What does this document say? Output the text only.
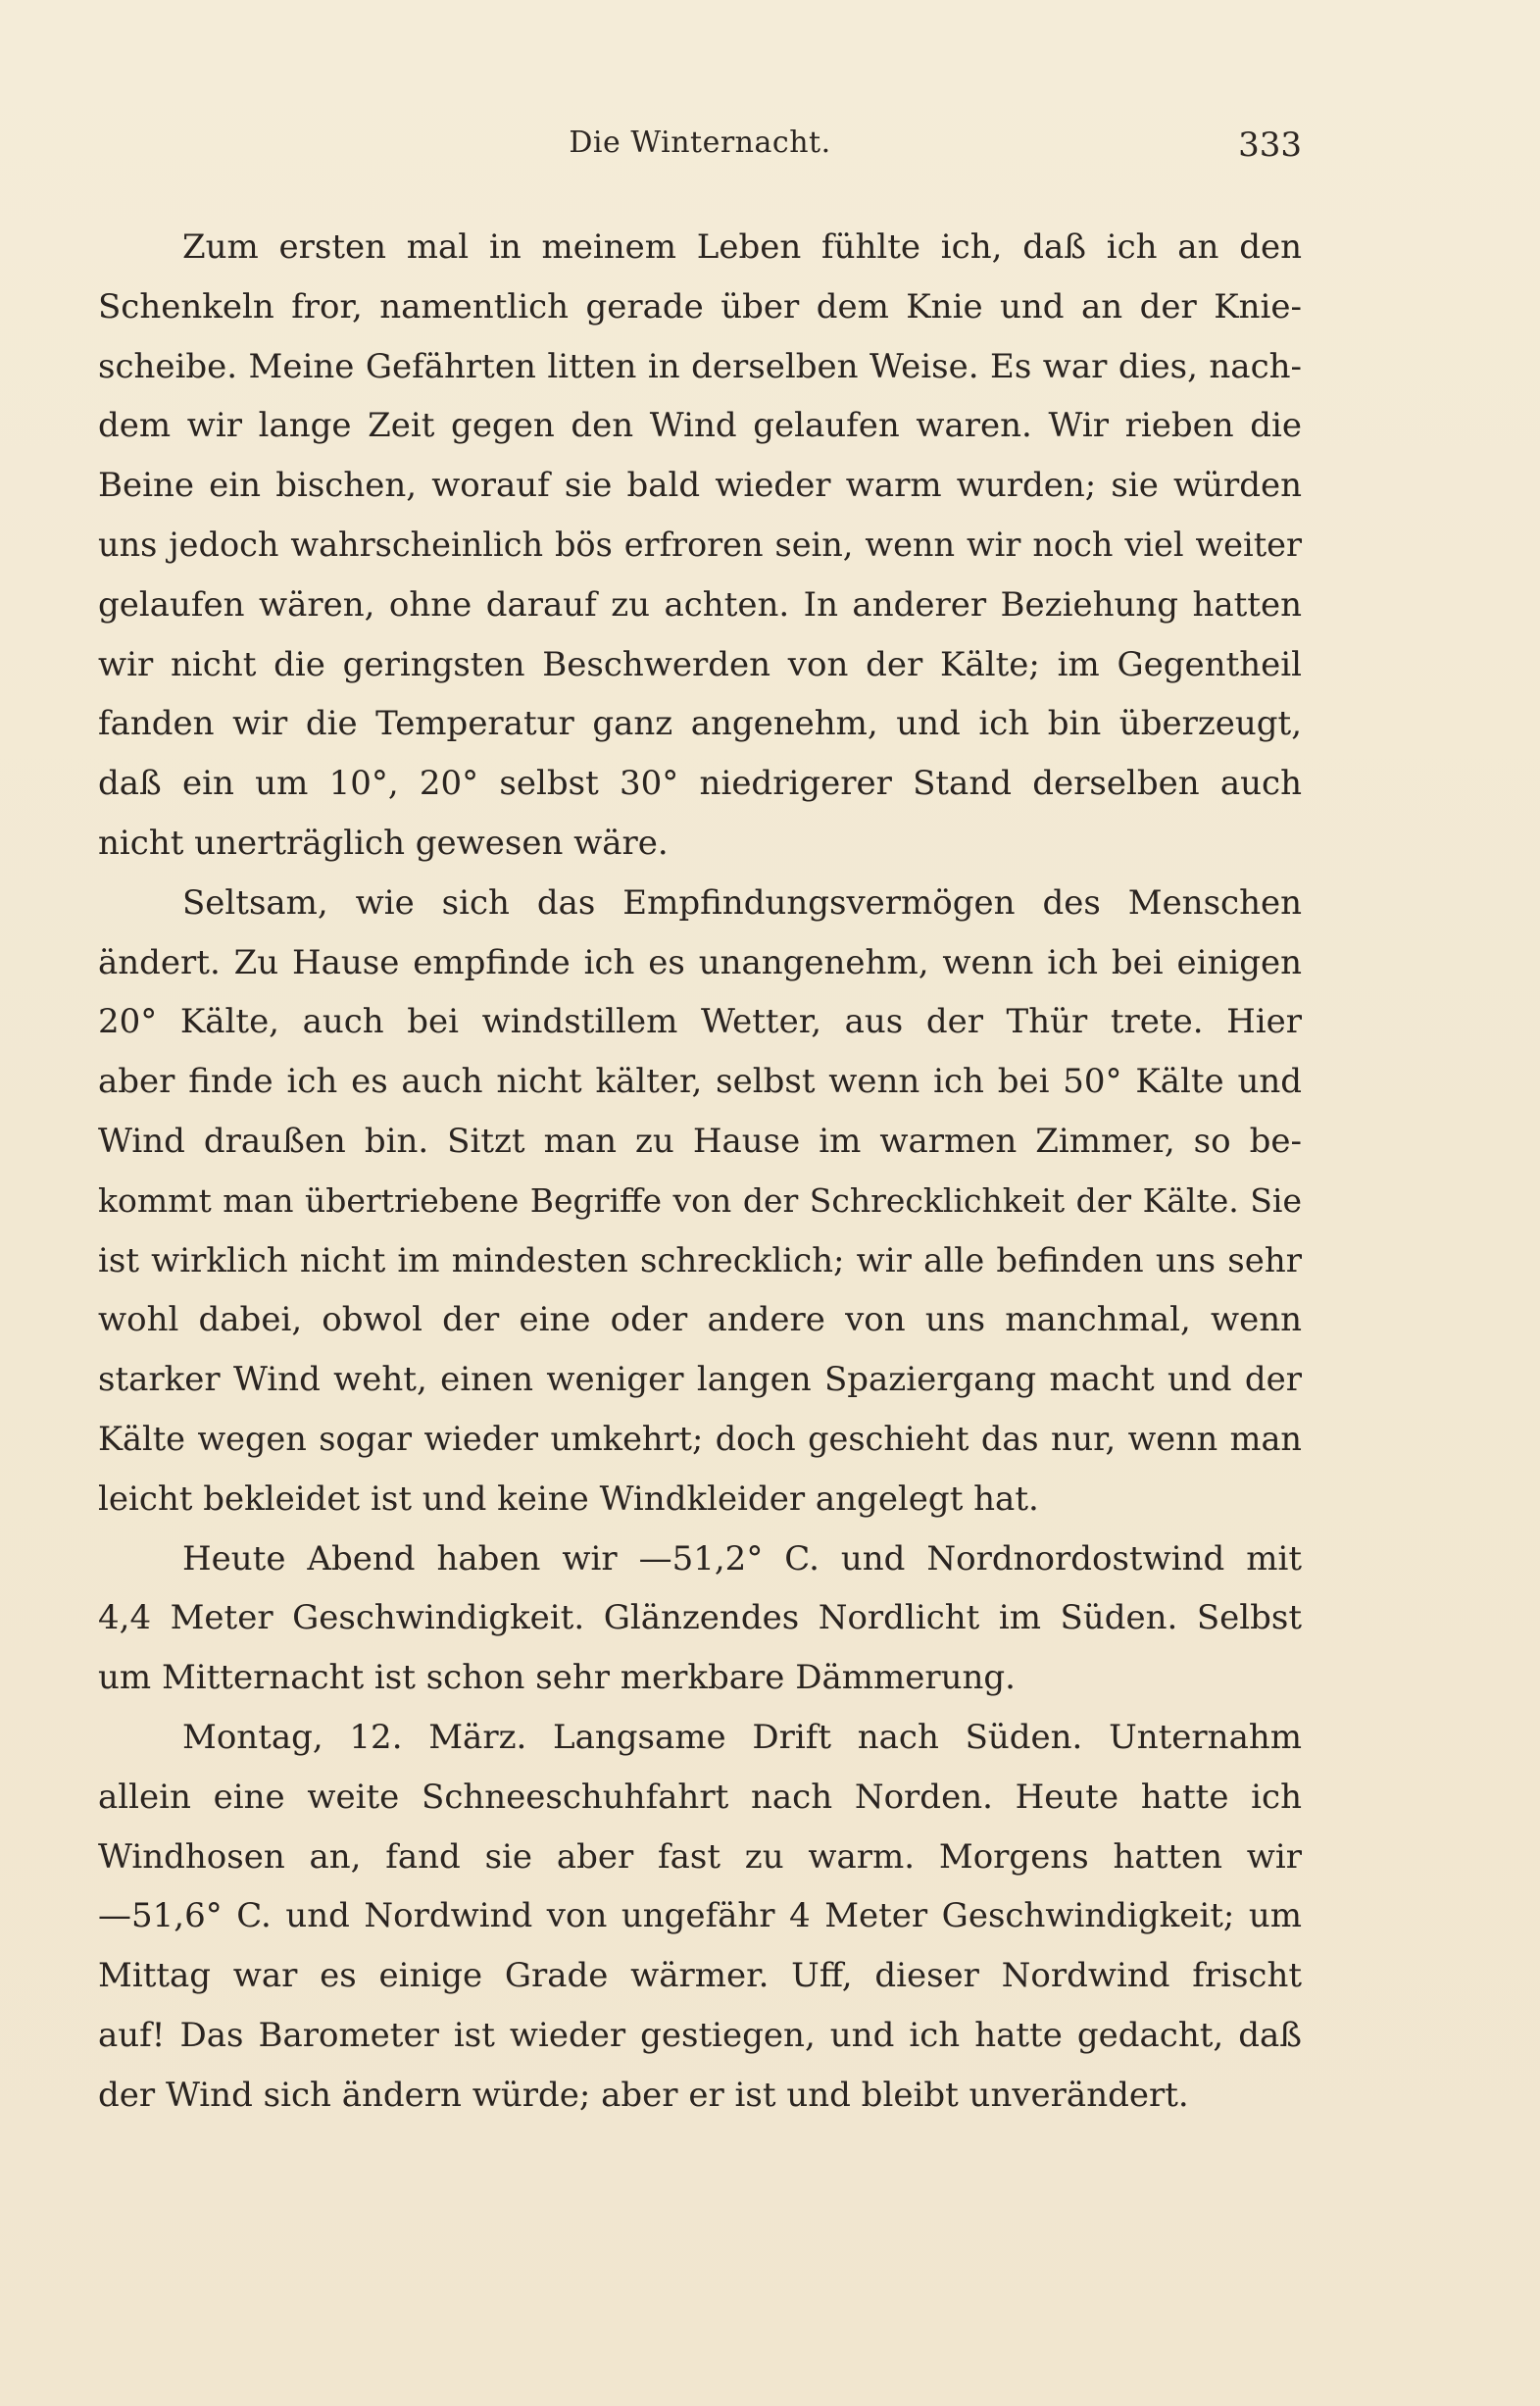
Die Winternacht.	333
Zum ersten mal in meinem Leben fühlte ich, daß ich an den
Schenkeln fror, namentlich gerade über dem Knie und an der Knie-
scheibe. Meine Gefährten litten in derselben Weise. Es war dies, nach-
dem wir lange Zeit gegen den Wind gelaufen waren. Wir rieben die
Beine ein bischen, worauf sie bald wieder warm wurden; sie würden
uns jedoch wahrscheinlich bös erfroren sein, wenn wir noch viel weiter
gelaufen wären, ohne darauf zu achten. In anderer Beziehung hatten
wir nicht die geringsten Beschwerden von der Kälte; im Gegentheil
fanden wir die Temperatur ganz angenehm, und ich bin überzeugt,
daß ein um 10°, 20° selbst 30° niedrigerer Stand derselben auch
nicht unerträglich gewesen wäre.
Seltsam, wie sich das Empfindungsvermögen des Menschen
ändert. Zu Hause empfinde ich es unangenehm, wenn ich bei einigen
20° Kälte, auch bei windstillem Wetter, aus der Thür trete. Hier
aber finde ich es auch nicht kälter, selbst wenn ich bei 50° Kälte und
Wind draußen bin. Sitzt man zu Hause im warmen Zimmer, so be-
kommt man übertriebene Begriffe von der Schrecklichkeit der Kälte. Sie
ist wirklich nicht im mindesten schrecklich; wir alle befinden uns sehr
wohl dabei, obwol der eine oder andere von uns manchmal, wenn
starker Wind weht, einen weniger langen Spaziergang macht und der
Kälte wegen sogar wieder umkehrt; doch geschieht das nur, wenn man
leicht bekleidet ist und keine Windkleider angelegt hat.
Heute Abend haben wir —51,2° C. und Nordnordostwind mit
4,4 Meter Geschwindigkeit. Glänzendes Nordlicht im Süden. Selbst
um Mitternacht ist schon sehr merkbare Dämmerung.
Montag, 12. März. Langsame Drift nach Süden. Unternahm
allein eine weite Schneeschuhfahrt nach Norden. Heute hatte ich
Windhosen an, fand sie aber fast zu warm. Morgens hatten wir
—51,6° C. und Nordwind von ungefähr 4 Meter Geschwindigkeit; um
Mittag war es einige Grade wärmer. Uff, dieser Nordwind frischt
auf! Das Barometer ist wieder gestiegen, und ich hatte gedacht, daß
der Wind sich ändern würde; aber er ist und bleibt unverändert.
